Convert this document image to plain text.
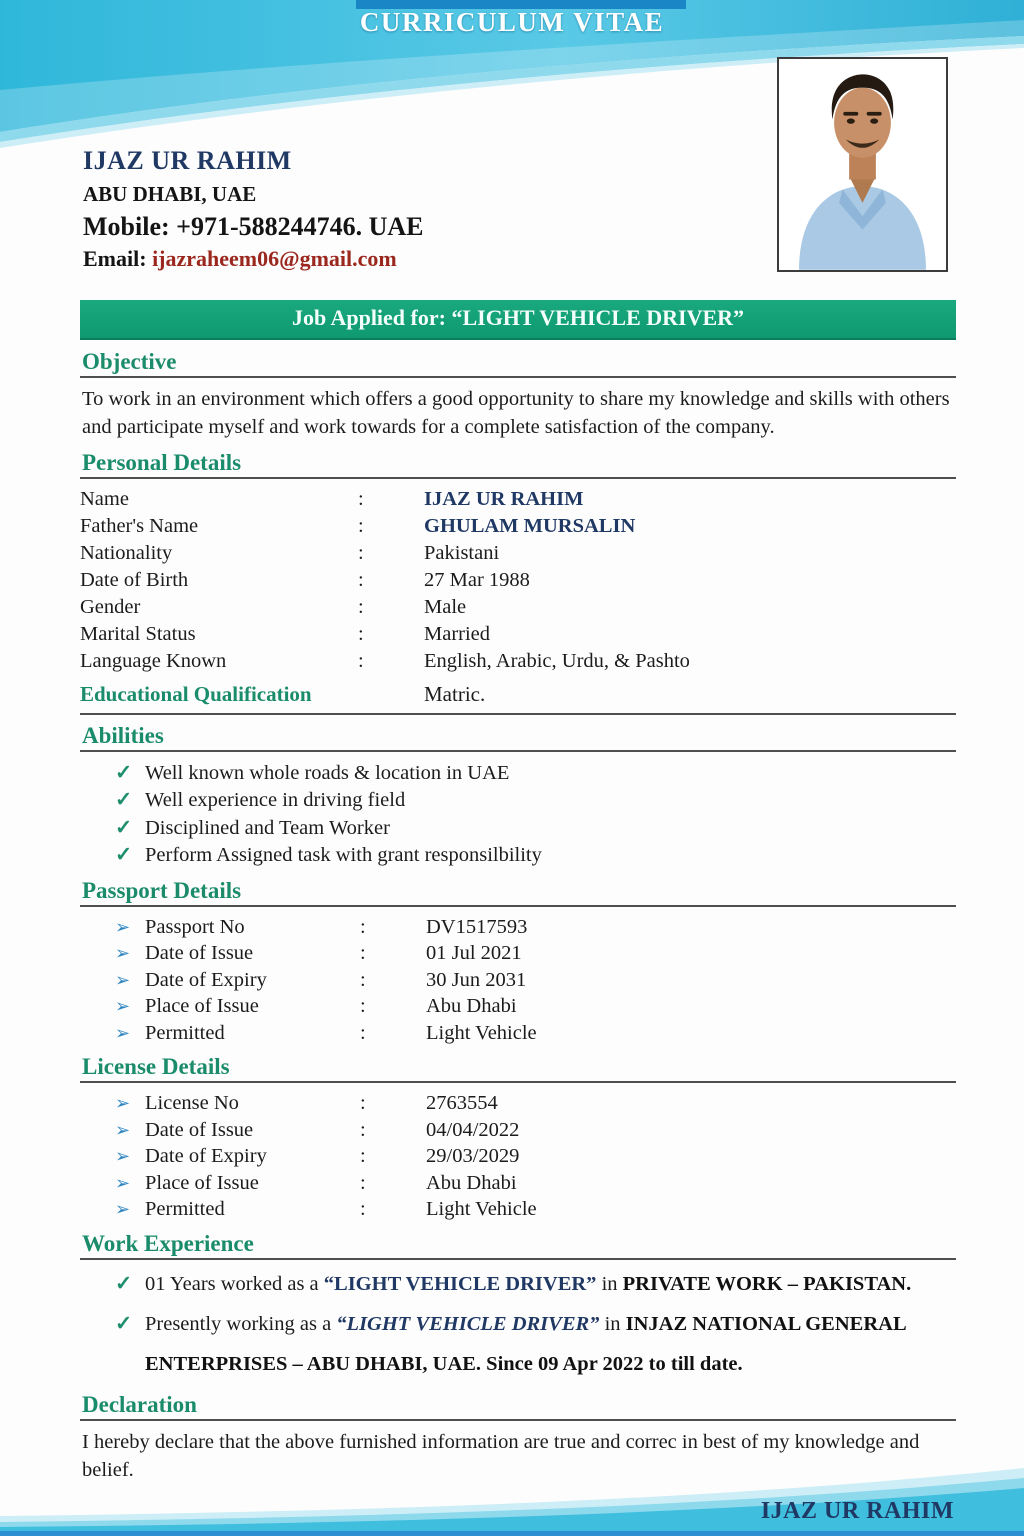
CURRICULUM VITAE
IJAZ UR RAHIM
ABU DHABI, UAE
Mobile: +971-588244746. UAE
Email: ijazraheem06@gmail.com
Job Applied for: “LIGHT VEHICLE DRIVER”
Objective

To work in an environment which offers a good opportunity to share my knowledge and skills with others and participate myself and work towards for a complete satisfaction of the company.

Personal Details
Name	:	IJAZ UR RAHIM
Father's Name	:	GHULAM MURSALIN
Nationality	:	Pakistani
Date of Birth	:	27 Mar 1988
Gender	:	Male
Marital Status	:	Married
Language Known	:	English, Arabic, Urdu, & Pashto
Educational Qualification	Matric.
Abilities
✓ Well known whole roads & location in UAE
✓ Well experience in driving field
✓ Disciplined and Team Worker
✓ Perform Assigned task with grant responsilbility
Passport Details
➢ Passport No	:	DV1517593
➢ Date of Issue	:	01 Jul 2021
➢ Date of Expiry	:	30 Jun 2031
➢ Place of Issue	:	Abu Dhabi
➢ Permitted	:	Light Vehicle
License Details
➢ License No	:	2763554
➢ Date of Issue	:	04/04/2022
➢ Date of Expiry	:	29/03/2029
➢ Place of Issue	:	Abu Dhabi
➢ Permitted	:	Light Vehicle
Work Experience
✓ 01 Years worked as a “LIGHT VEHICLE DRIVER” in PRIVATE WORK – PAKISTAN.
✓ Presently working as a “LIGHT VEHICLE DRIVER” in INJAZ NATIONAL GENERAL ENTERPRISES – ABU DHABI, UAE. Since 09 Apr 2022 to till date.
Declaration

I hereby declare that the above furnished information are true and correc in best of my knowledge and belief.

IJAZ UR RAHIM
